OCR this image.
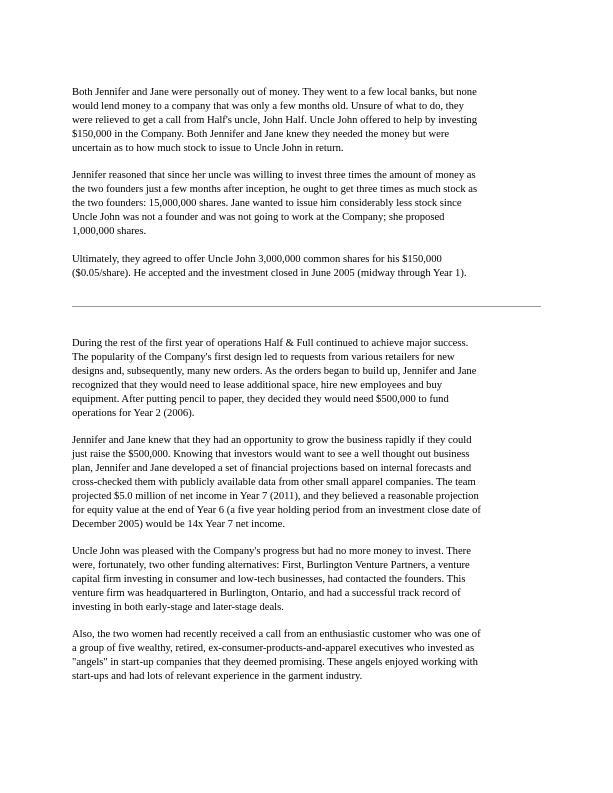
Both Jennifer and Jane were personally out of money. They went to a few local banks, but none
would lend money to a company that was only a few months old. Unsure of what to do, they
were relieved to get a call from Half's uncle, John Half. Uncle John offered to help by investing
$150,000 in the Company. Both Jennifer and Jane knew they needed the money but were
uncertain as to how much stock to issue to Uncle John in return.

Jennifer reasoned that since her uncle was willing to invest three times the amount of money as
the two founders just a few months after inception, he ought to get three times as much stock as
the two founders: 15,000,000 shares. Jane wanted to issue him considerably less stock since
Uncle John was not a founder and was not going to work at the Company; she proposed
1,000,000 shares.

Ultimately, they agreed to offer Uncle John 3,000,000 common shares for his $150,000
($0.05/share). He accepted and the investment closed in June 2005 (midway through Year 1).

During the rest of the first year of operations Half & Full continued to achieve major success.
The popularity of the Company's first design led to requests from various retailers for new
designs and, subsequently, many new orders. As the orders began to build up, Jennifer and Jane
recognized that they would need to lease additional space, hire new employees and buy
equipment. After putting pencil to paper, they decided they would need $500,000 to fund
operations for Year 2 (2006).

Jennifer and Jane knew that they had an opportunity to grow the business rapidly if they could
just raise the $500,000. Knowing that investors would want to see a well thought out business
plan, Jennifer and Jane developed a set of financial projections based on internal forecasts and
cross-checked them with publicly available data from other small apparel companies. The team
projected $5.0 million of net income in Year 7 (2011), and they believed a reasonable projection
for equity value at the end of Year 6 (a five year holding period from an investment close date of
December 2005) would be 14x Year 7 net income.

Uncle John was pleased with the Company's progress but had no more money to invest. There
were, fortunately, two other funding alternatives: First, Burlington Venture Partners, a venture
capital firm investing in consumer and low-tech businesses, had contacted the founders. This
venture firm was headquartered in Burlington, Ontario, and had a successful track record of
investing in both early-stage and later-stage deals.

Also, the two women had recently received a call from an enthusiastic customer who was one of
a group of five wealthy, retired, ex-consumer-products-and-apparel executives who invested as
"angels" in start-up companies that they deemed promising. These angels enjoyed working with
start-ups and had lots of relevant experience in the garment industry.
